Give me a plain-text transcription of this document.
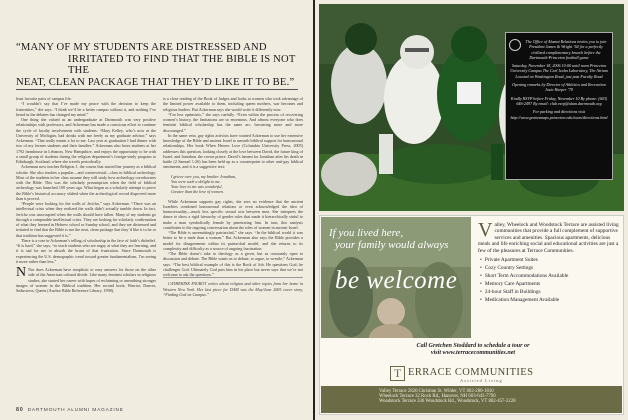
“MANY OF MY STUDENTS ARE DISTRESSED AND
IRRITATED TO FIND THAT THE BIBLE IS NOT THE
NEAT, CLEAN PACKAGE THAT THEY’D LIKE IT TO BE.”

least favorite parts of campus life.

“I wouldn’t say that I’ve made my peace with the decision to keep the fraternities,” she says. “I think we’d be a better campus without it, and nothing I’ve heard in the debates has changed my mind.”

One thing she valued as an undergraduate at Dartmouth was very positive relationships with professors, and Ackerman has made a conscious effort to continue the cycle of faculty involvement with students. “Mary Kelley, who’s now at the University of Michigan, had drinks with me freely as my graduate advisor,” says Ackerman. “That really meant a lot to me. Last year at graduation I had dinner with two of my former students and their families.” Ackerman also hosts students at her 1792 farmhouse in Lebanon, New Hampshire, and enjoys the opportunity to be with a small group of students during the religion department’s foreign-study program to Edinburgh, Scotland, where she travels periodically.

Ackerman now teaches Religion 1, the course that started her journey as a biblical scholar. She also teaches a popular—and controversial—class in biblical archeology. Most of the students in her class assume they will study how archeology corroborates with the Bible. This was the scholarly presumption when the field of biblical archeology was launched 100 years ago. What began as a scholarly attempt to prove the Bible’s historical accuracy shifted when the archeological record disproved more than it proved.

“People were looking for the walls of Jericho,” says Ackerman. “There was an intellectual crisis when they realized the walls didn’t actually tumble down. In fact, Jericho was unoccupied when the walls should have fallen. Many of my students go through a comparable intellectual crisis. They are looking for scholarly confirmation of what they learned in Hebrew school or Sunday school, and they are distressed and irritated to find that the Bible is not the neat, clean package that they’d like it to be or that tradition has suggested it is.”

There is a rose in Ackerman’s telling of scholarship in the face of faith’s disbelief. “It is hard,” she says, “to teach students who are angry at what they are learning, and it is sad for me to absorb the brunt of that frustration. Since Dartmouth is experiencing the U.S. demographic trend toward greater fundamentalism, I’m seeing it more rather than less.”

N Nor does Ackerman have simplistic or easy answers for those on the other side of the American cultural divide. Like many feminist scholars in religious studies, she started her career with hopes of reclaiming or unearthing stronger images of women in the Biblical tradition. Her second book, Warrior, Dancer, Seductress, Queen (Anchor Bible Reference Library, 1998),

is a close reading of the Book of Judges and looks at women who took advantage of the limited power available to them, including queen mothers, war heroines and religious leaders. But Ackerman says she would write it differently now.

“I’m less optimistic,” she says ruefully. “Even within the process of recovering women’s history, the limitations are so enormous. And almost everyone who does feminist biblical scholarship has the same arc, becoming more and more discouraged.”

In the same vein, gay rights activists have wanted Ackerman to use her extensive knowledge of the Bible and ancient Israel to unearth biblical support for homosexual relationships. Her book When Heroes Love (Columbia University Press, 2005) addresses this question, looking closely at the love between David, the future king of Israel, and Jonathan, the crown prince. David’s lament for Jonathan after his death in battle (2 Samuel 1:26) has been held up as a counterpoint to other anti-gay biblical sentiments, and it is a suggestive text:

I grieve over you, my brother Jonathan,
You were such a delight to me.
Your love to me was wonderful,
Greater than the love of women.

While Ackerman supports gay rights, she sees no evidence that the ancient Israelites condoned homosexual relations or even acknowledged the idea of homosexuality—much less specific sexual acts between men. She interprets the dance to show a rigid hierarchy of gender roles that made it hierarchically sinful to make a man symbolically female by penetrating him. In turn, this analysis contributes to the ongoing conversation about the roles of women in ancient Israel.

“The Bible is unremittingly patriarchal,” she says. “In the biblical world it was better to be a male than a woman.” But Ackerman also says the Bible provides a model for disagreement within its patriarchal model, and she returns to its complexity and difficulty as a source of ongoing fascination.

“The Bible doesn’t take to theology as a given, but as constantly open to discussion and debate. The Bible wants us to debate, to argue, to wrestle,” Ackerman says. “The best biblical example of this is the Book of Job. He questions God; he challenges God. Ultimately God puts him in his place but never says that we’re not welcome to ask the questions.”

CATHERINE FAUROT writes about religion and other topics from her home in Western New York. Her last piece for DAM was the May/June 2005 cover story, “Finding God on Campus.”

80 DARTMOUTH ALUMNI MAGAZINE
The Office of Alumni Relations invites you to join President James & Wright ’64 for a perfectly civilized complimentary brunch before the Dartmouth-Princeton football game
Saturday, November 18, 2006 10:00 until noon Princeton University Campus The Carl Icahn Laboratory, The Atrium Located on Washington Road, just past Faculty Road
Opening remarks by Director of Athletics and Recreation Josie Harper ’79
Kindly RSVP before Friday, November 10 By phone: (603) 646-2497 By email: club.rsvp@alum.dartmouth.org
For parking and directions visit http://www.geniusmaps.princeton.edu/tours/directions.html
If you lived here,
your family would always
be welcome
Valley, Wheelock and Woodstock Terrace are assisted living communities that provide a full complement of supportive services and amenities. Spacious apartments, delicious meals and life enriching social and educational activities are just a few of the pleasures at Terrace Communities.
• Private Apartment Suites
• Cozy Country Settings
• Short Term Accommodations Available
• Memory Care Apartments
• 24-hour Staff in Buildings
• Medication Management Available
Call Gretchen Stoddard to schedule a tour or
visit www.terracecommunities.net
T ERRACE COMMUNITIES
Assisted Living
Valley Terrace 2820 Christian St. Wilder, VT 802-280-1810
Wheelock Terrace 32 Rock Rd., Hanover, NH 603-643-7790
Woodstock Terrace 336 Woodstock Rd., Woodstock, VT 802-457-2228
